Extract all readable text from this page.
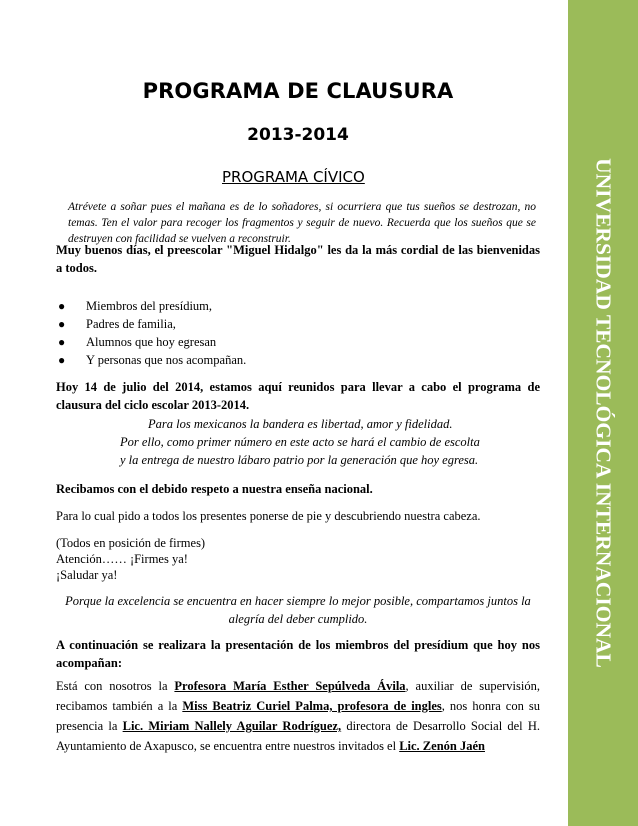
UNIVERSIDAD TECNOLÓGICA INTERNACIONAL
PROGRAMA DE CLAUSURA
2013-2014
PROGRAMA CÍVICO
Atrévete a soñar pues el mañana es de lo soñadores, si ocurriera que tus sueños se destrozan, no temas. Ten el valor para recoger los fragmentos y seguir de nuevo. Recuerda que los sueños que se destruyen con facilidad se vuelven a reconstruir.
Muy buenos días, el preescolar "Miguel Hidalgo" les da la más cordial de las bienvenidas a todos.
● Miembros del presídium,
● Padres de familia,
● Alumnos que hoy egresan
● Y personas que nos acompañan.
Hoy 14 de julio del 2014, estamos aquí reunidos para llevar a cabo el programa de clausura del ciclo escolar 2013-2014.
Para los mexicanos la bandera es libertad, amor y fidelidad.
Por ello, como primer número en este acto se hará el cambio de escolta
y la entrega de nuestro lábaro patrio por la generación que hoy egresa.
Recibamos con el debido respeto a nuestra enseña nacional.
Para lo cual pido a todos los presentes ponerse de pie y descubriendo nuestra cabeza.
(Todos en posición de firmes)
Atención…… ¡Firmes ya!
¡Saludar ya!
Porque la excelencia se encuentra en hacer siempre lo mejor posible, compartamos juntos la alegría del deber cumplido.
A continuación se realizara la presentación de los miembros del presídium que hoy nos acompañan:
Está con nosotros la Profesora María Esther Sepúlveda Ávila, auxiliar de supervisión, recibamos también a la Miss Beatriz Curiel Palma, profesora de ingles, nos honra con su presencia la Lic. Miriam Nallely Aguilar Rodríguez, directora de Desarrollo Social del H. Ayuntamiento de Axapusco, se encuentra entre nuestros invitados el Lic. Zenón Jaén
